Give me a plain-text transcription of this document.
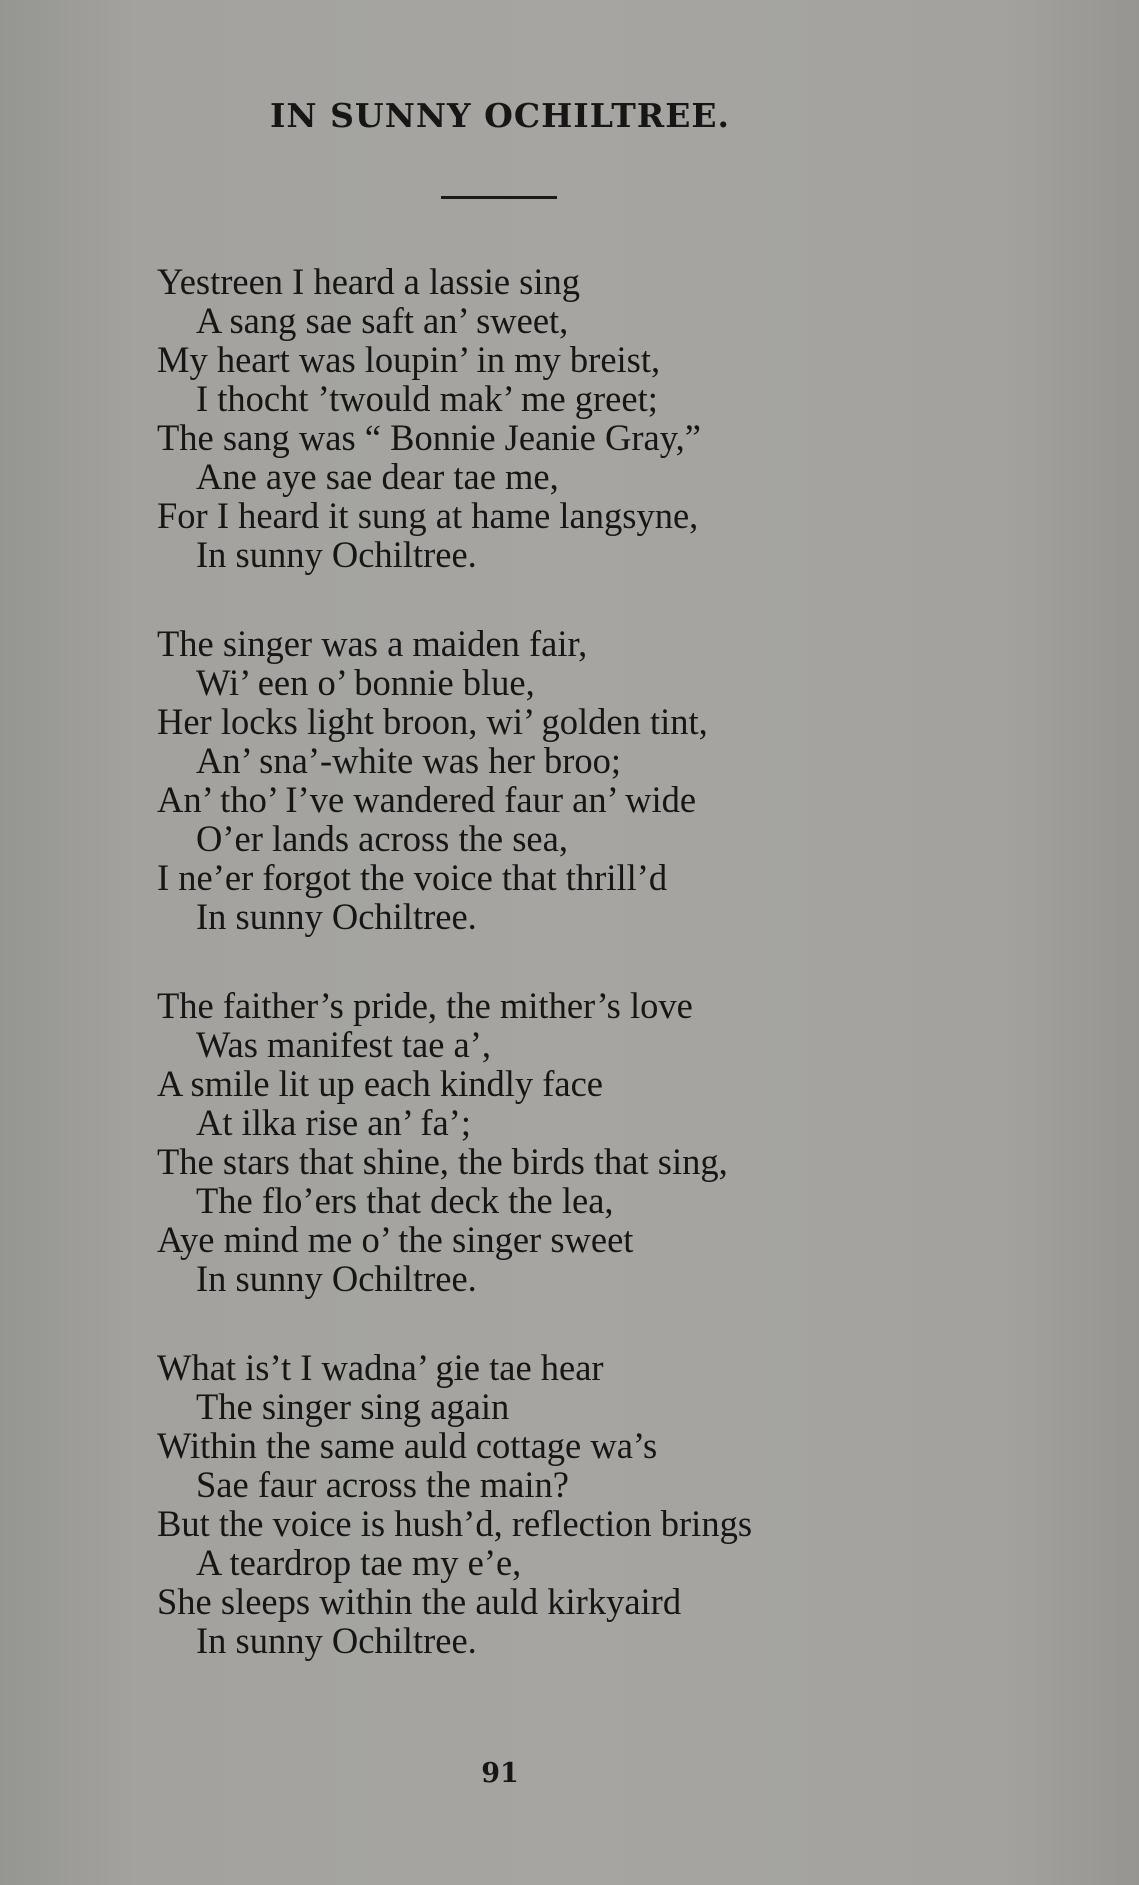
IN SUNNY OCHILTREE.
Yestreen I heard a lassie sing
A sang sae saft an’ sweet,
My heart was loupin’ in my breist,
I thocht ’twould mak’ me greet;
The sang was “ Bonnie Jeanie Gray,”
Ane aye sae dear tae me,
For I heard it sung at hame langsyne,
In sunny Ochiltree.
The singer was a maiden fair,
Wi’ een o’ bonnie blue,
Her locks light broon, wi’ golden tint,
An’ sna’-white was her broo;
An’ tho’ I’ve wandered faur an’ wide
O’er lands across the sea,
I ne’er forgot the voice that thrill’d
In sunny Ochiltree.
The faither’s pride, the mither’s love
Was manifest tae a’,
A smile lit up each kindly face
At ilka rise an’ fa’;
The stars that shine, the birds that sing,
The flo’ers that deck the lea,
Aye mind me o’ the singer sweet
In sunny Ochiltree.
What is’t I wadna’ gie tae hear
The singer sing again
Within the same auld cottage wa’s
Sae faur across the main?
But the voice is hush’d, reflection brings
A teardrop tae my e’e,
She sleeps within the auld kirkyaird
In sunny Ochiltree.
91
